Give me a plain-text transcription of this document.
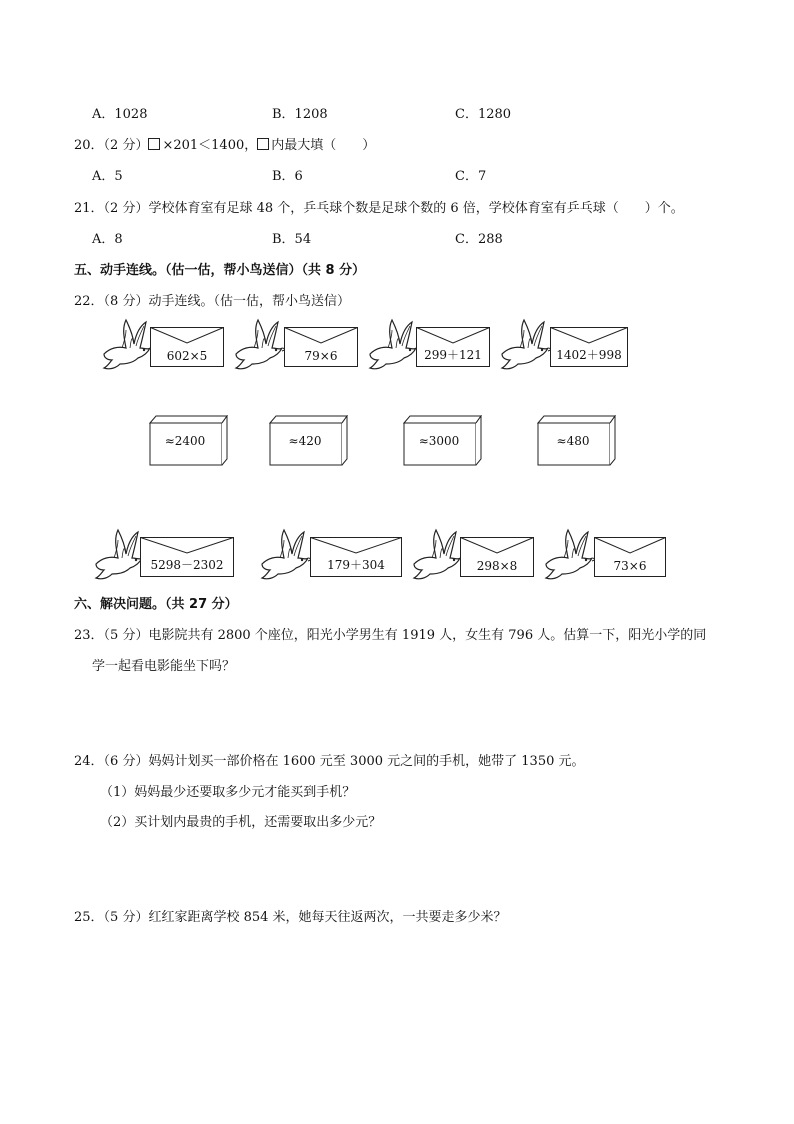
A．1028	B．1208	C．1280
20．（2 分） ×201＜1400， 内最大填（　　）
A．5	B．6	C．7
21．（2 分）学校体育室有足球 48 个，乒乓球个数是足球个数的 6 倍，学校体育室有乒乓球（　　）个。
A．8	B．54	C．288
五、动手连线。（估一估，帮小鸟送信）（共 8 分）
22．（8 分）动手连线。（估一估，帮小鸟送信）
602×5	79×6	299＋121	1402＋998
≈2400	≈420	≈3000	≈480
5298－2302	179＋304	298×8	73×6
六、解决问题。（共 27 分）
23．（5 分）电影院共有 2800 个座位，阳光小学男生有 1919 人，女生有 796 人。估算一下，阳光小学的同
学一起看电影能坐下吗？
24．（6 分）妈妈计划买一部价格在 1600 元至 3000 元之间的手机，她带了 1350 元。
（1）妈妈最少还要取多少元才能买到手机？
（2）买计划内最贵的手机，还需要取出多少元？
25．（5 分）红红家距离学校 854 米，她每天往返两次，一共要走多少米？
